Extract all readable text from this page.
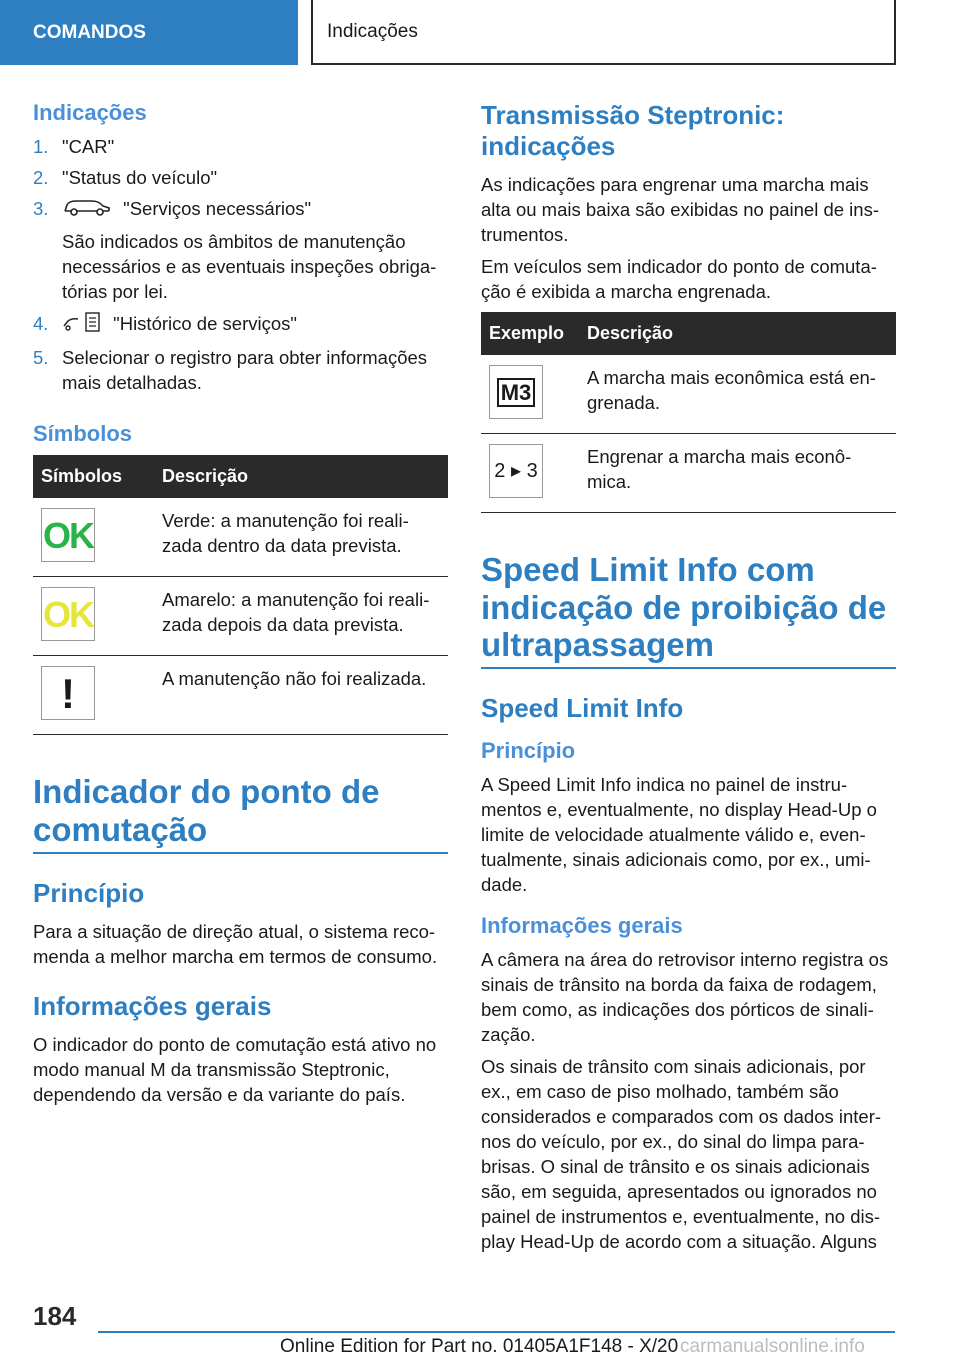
COMANDOS	Indicações
Indicações
1. "CAR"
2. "Status do veículo"
3.	"Serviços necessários"

São indicados os âmbitos de manutenção necessários e as eventuais inspeções obrigatórias por lei.

4.	"Histórico de serviços"
5. Selecionar o registro para obter informações mais detalhadas.
Símbolos
Símbolos	Descrição

OK	Verde: a manutenção foi realizada dentro da data prevista.

OK	Amarelo: a manutenção foi realizada depois da data prevista.

!	A manutenção não foi realizada.
Indicador do ponto de comutação
Princípio

Para a situação de direção atual, o sistema recomenda a melhor marcha em termos de consumo.

Informações gerais

O indicador do ponto de comutação está ativo no modo manual M da transmissão Steptronic, dependendo da versão e da variante do país.

Transmissão Steptronic: indicações

As indicações para engrenar uma marcha mais alta ou mais baixa são exibidas no painel de instrumentos.

Em veículos sem indicador do ponto de comutação é exibida a marcha engrenada.

Exemplo	Descrição

M3	A marcha mais econômica está engrenada.

2 ▸ 3	Engrenar a marcha mais econômica.
Speed Limit Info com indicação de proibição de ultrapassagem
Speed Limit Info
Princípio

A Speed Limit Info indica no painel de instrumentos e, eventualmente, no display Head-Up o limite de velocidade atualmente válido e, eventualmente, sinais adicionais como, por ex., umidade.

Informações gerais

A câmera na área do retrovisor interno registra os sinais de trânsito na borda da faixa de rodagem, bem como, as indicações dos pórticos de sinalização.

Os sinais de trânsito com sinais adicionais, por ex., em caso de piso molhado, também são considerados e comparados com os dados internos do veículo, por ex., do sinal do limpa para-brisas. O sinal de trânsito e os sinais adicionais são, em seguida, apresentados ou ignorados no painel de instrumentos e, eventualmente, no display Head-Up de acordo com a situação. Alguns

184
Online Edition for Part no. 01405A1F148 - X/20 carmanualsonline.info
